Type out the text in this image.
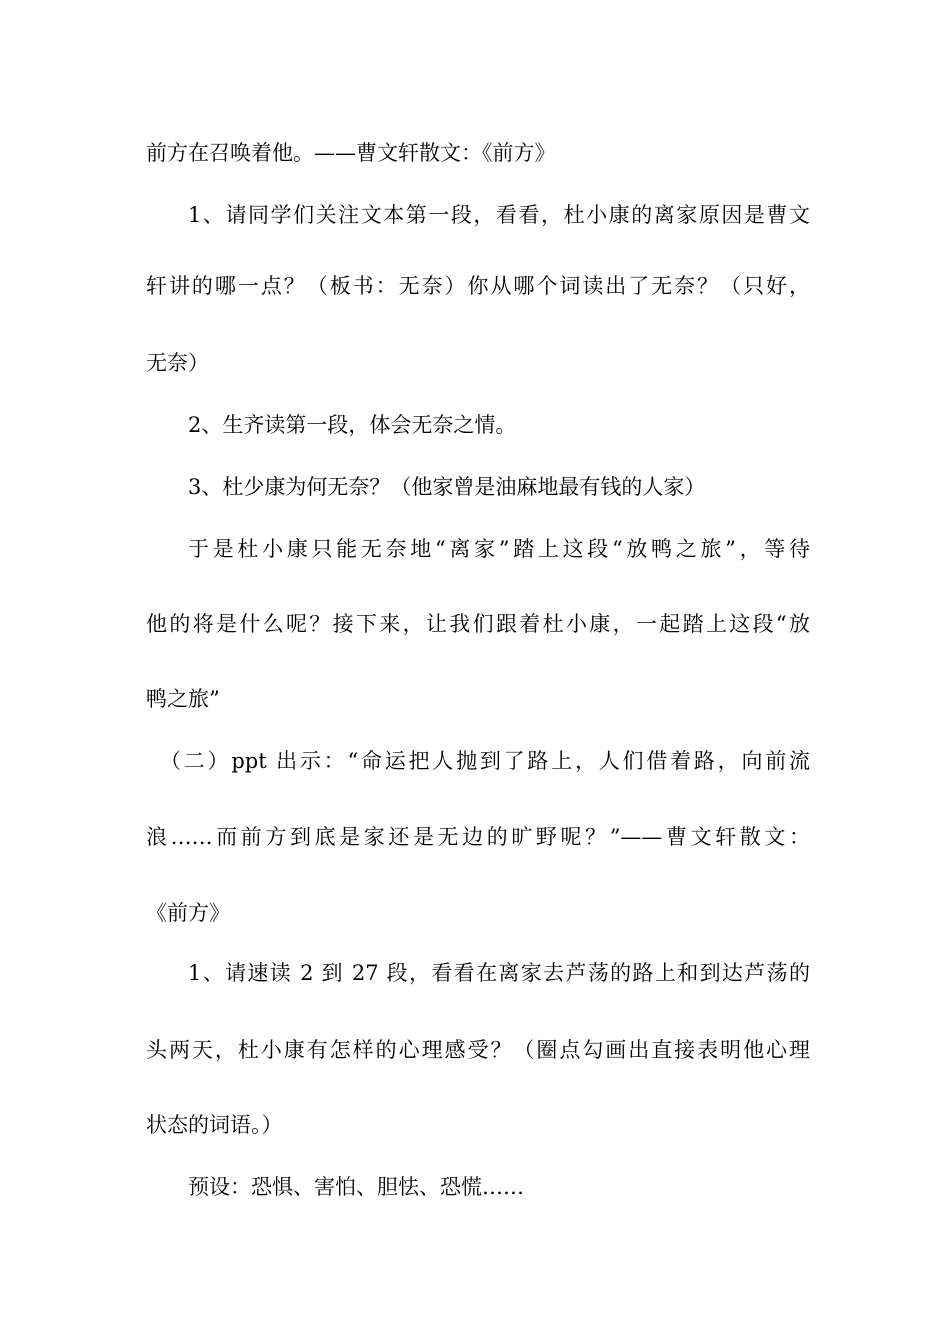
前方在召唤着他。——曹文轩散文：《前方》
1、请同学们关注文本第一段，看看，杜小康的离家原因是曹文
轩讲的哪一点？（板书：无奈）你从哪个词读出了无奈？（只好，
无奈）
2、生齐读第一段，体会无奈之情。
3、杜少康为何无奈？（他家曾是油麻地最有钱的人家）
于是杜小康只能无奈地“离家”踏上这段“放鸭之旅”，等待
他的将是什么呢？接下来，让我们跟着杜小康，一起踏上这段“放
鸭之旅”
（二）ppt 出示：“命运把人抛到了路上，人们借着路，向前流
浪……而前方到底是家还是无边的旷野呢？”——曹文轩散文：
《前方》
1、请速读 2 到 27 段，看看在离家去芦荡的路上和到达芦荡的
头两天，杜小康有怎样的心理感受？（圈点勾画出直接表明他心理
状态的词语。）
预设：恐惧、害怕、胆怯、恐慌……
